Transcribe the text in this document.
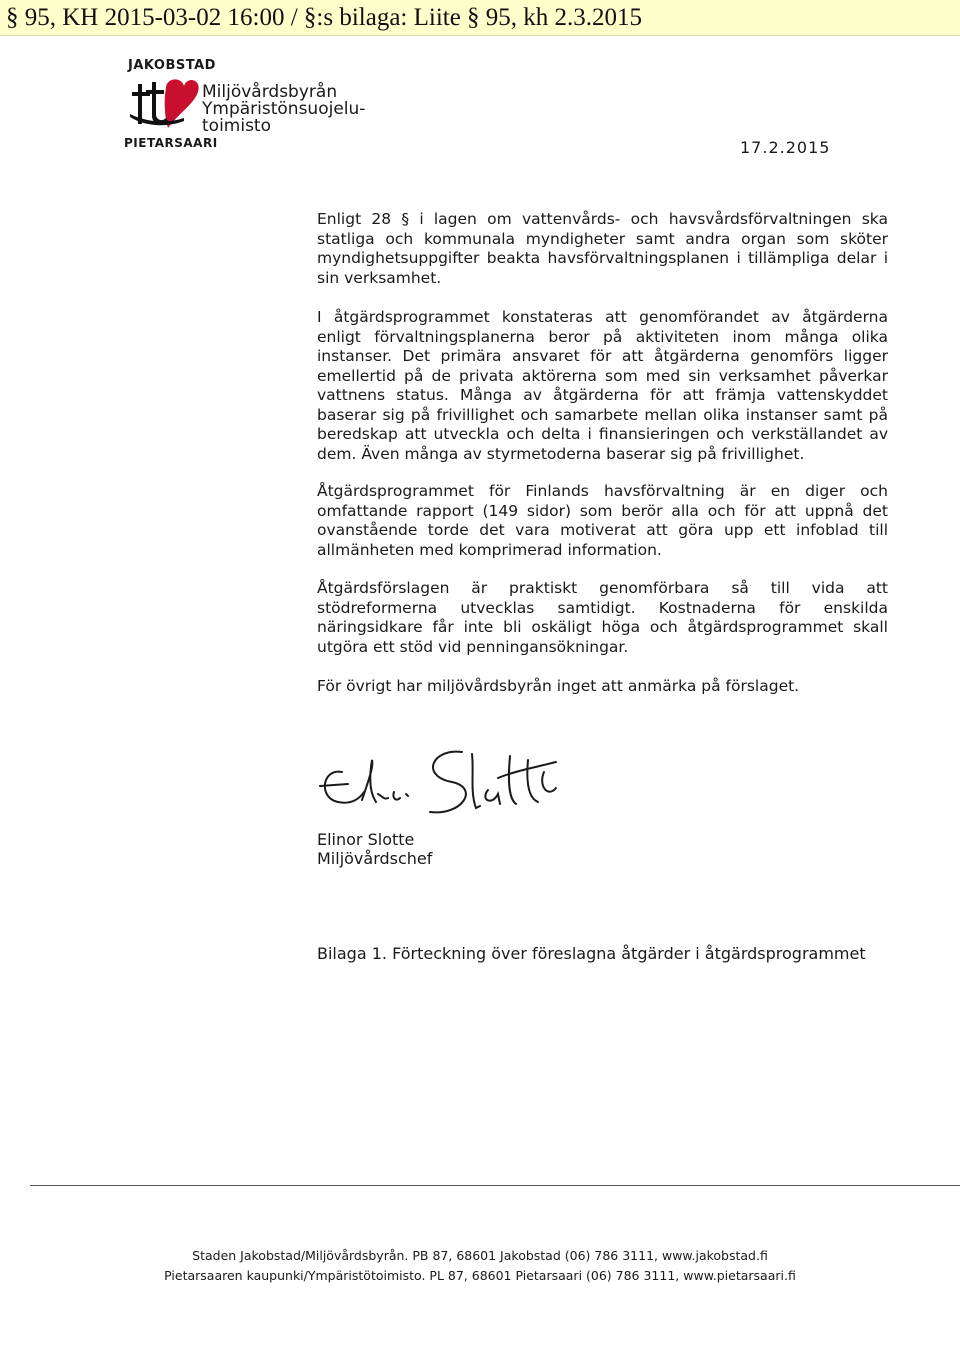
§ 95, KH 2015-03-02 16:00 / §:s bilaga: Liite § 95, kh 2.3.2015
JAKOBSTAD
PIETARSAARI
Miljövårdsbyrån
Ympäristönsuojelu-
toimisto
17.2.2015
Enligt 28 § i lagen om vattenvårds- och havsvårdsförvaltningen ska statliga och kommunala myndigheter samt andra organ som sköter myndighetsuppgifter beakta havsförvaltningsplanen i tillämpliga delar i sin verksamhet.
I åtgärdsprogrammet konstateras att genomförandet av åtgärderna enligt förvaltningsplanerna beror på aktiviteten inom många olika instanser. Det primära ansvaret för att åtgärderna genomförs ligger emellertid på de privata aktörerna som med sin verksamhet påverkar vattnens status. Många av åtgärderna för att främja vattenskyddet baserar sig på frivillighet och samarbete mellan olika instanser samt på beredskap att utveckla och delta i finansieringen och verkställandet av dem. Även många av styrmetoderna baserar sig på frivillighet.
Åtgärdsprogrammet för Finlands havsförvaltning är en diger och omfattande rapport (149 sidor) som berör alla och för att uppnå det ovanstående torde det vara motiverat att göra upp ett infoblad till allmänheten med komprimerad information.
Åtgärdsförslagen är praktiskt genomförbara så till vida att stödreformerna utvecklas samtidigt. Kostnaderna för enskilda näringsidkare får inte bli oskäligt höga och åtgärdsprogrammet skall utgöra ett stöd vid penningansökningar.
För övrigt har miljövårdsbyrån inget att anmärka på förslaget.
Elinor Slotte
Miljövårdschef
Bilaga 1. Förteckning över föreslagna åtgärder i åtgärdsprogrammet
Staden Jakobstad/Miljövårdsbyrån. PB 87, 68601 Jakobstad (06) 786 3111, www.jakobstad.fi
Pietarsaaren kaupunki/Ympäristötoimisto. PL 87, 68601 Pietarsaari (06) 786 3111, www.pietarsaari.fi
